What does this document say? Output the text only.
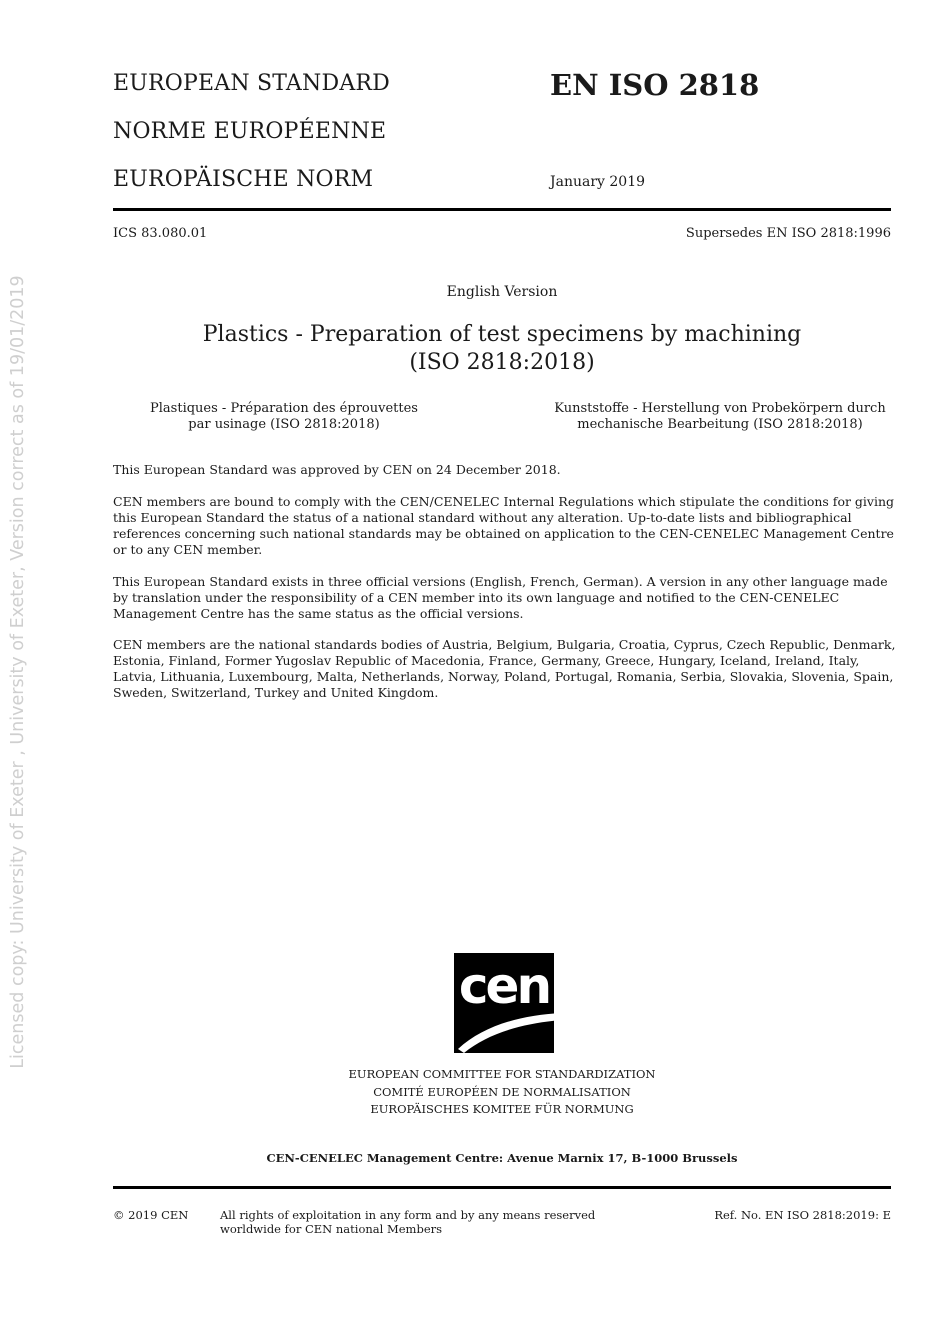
Licensed copy: University of Exeter , University of Exeter, Version correct as of 19/01/2019
EUROPEAN STANDARD
NORME EUROPÉENNE
EUROPÄISCHE NORM
EN ISO 2818
January 2019
ICS 83.080.01	Supersedes EN ISO 2818:1996
English Version
Plastics - Preparation of test specimens by machining
(ISO 2818:2018)
Plastiques - Préparation des éprouvettes
par usinage (ISO 2818:2018)
Kunststoffe - Herstellung von Probekörpern durch
mechanische Bearbeitung (ISO 2818:2018)
This European Standard was approved by CEN on 24 December 2018.
CEN members are bound to comply with the CEN/CENELEC Internal Regulations which stipulate the conditions for giving this European Standard the status of a national standard without any alteration. Up-to-date lists and bibliographical references concerning such national standards may be obtained on application to the CEN-CENELEC Management Centre or to any CEN member.
This European Standard exists in three official versions (English, French, German). A version in any other language made by translation under the responsibility of a CEN member into its own language and notified to the CEN-CENELEC Management Centre has the same status as the official versions.
CEN members are the national standards bodies of Austria, Belgium, Bulgaria, Croatia, Cyprus, Czech Republic, Denmark, Estonia, Finland, Former Yugoslav Republic of Macedonia, France, Germany, Greece, Hungary, Iceland, Ireland, Italy, Latvia, Lithuania, Luxembourg, Malta, Netherlands, Norway, Poland, Portugal, Romania, Serbia, Slovakia, Slovenia, Spain, Sweden, Switzerland, Turkey and United Kingdom.
cen
EUROPEAN COMMITTEE FOR STANDARDIZATION
COMITÉ EUROPÉEN DE NORMALISATION
EUROPÄISCHES KOMITEE FÜR NORMUNG
CEN-CENELEC Management Centre: Avenue Marnix 17, B-1000 Brussels
© 2019 CEN	All rights of exploitation in any form and by any means reserved
worldwide for CEN national Members
Ref. No. EN ISO 2818:2019: E
